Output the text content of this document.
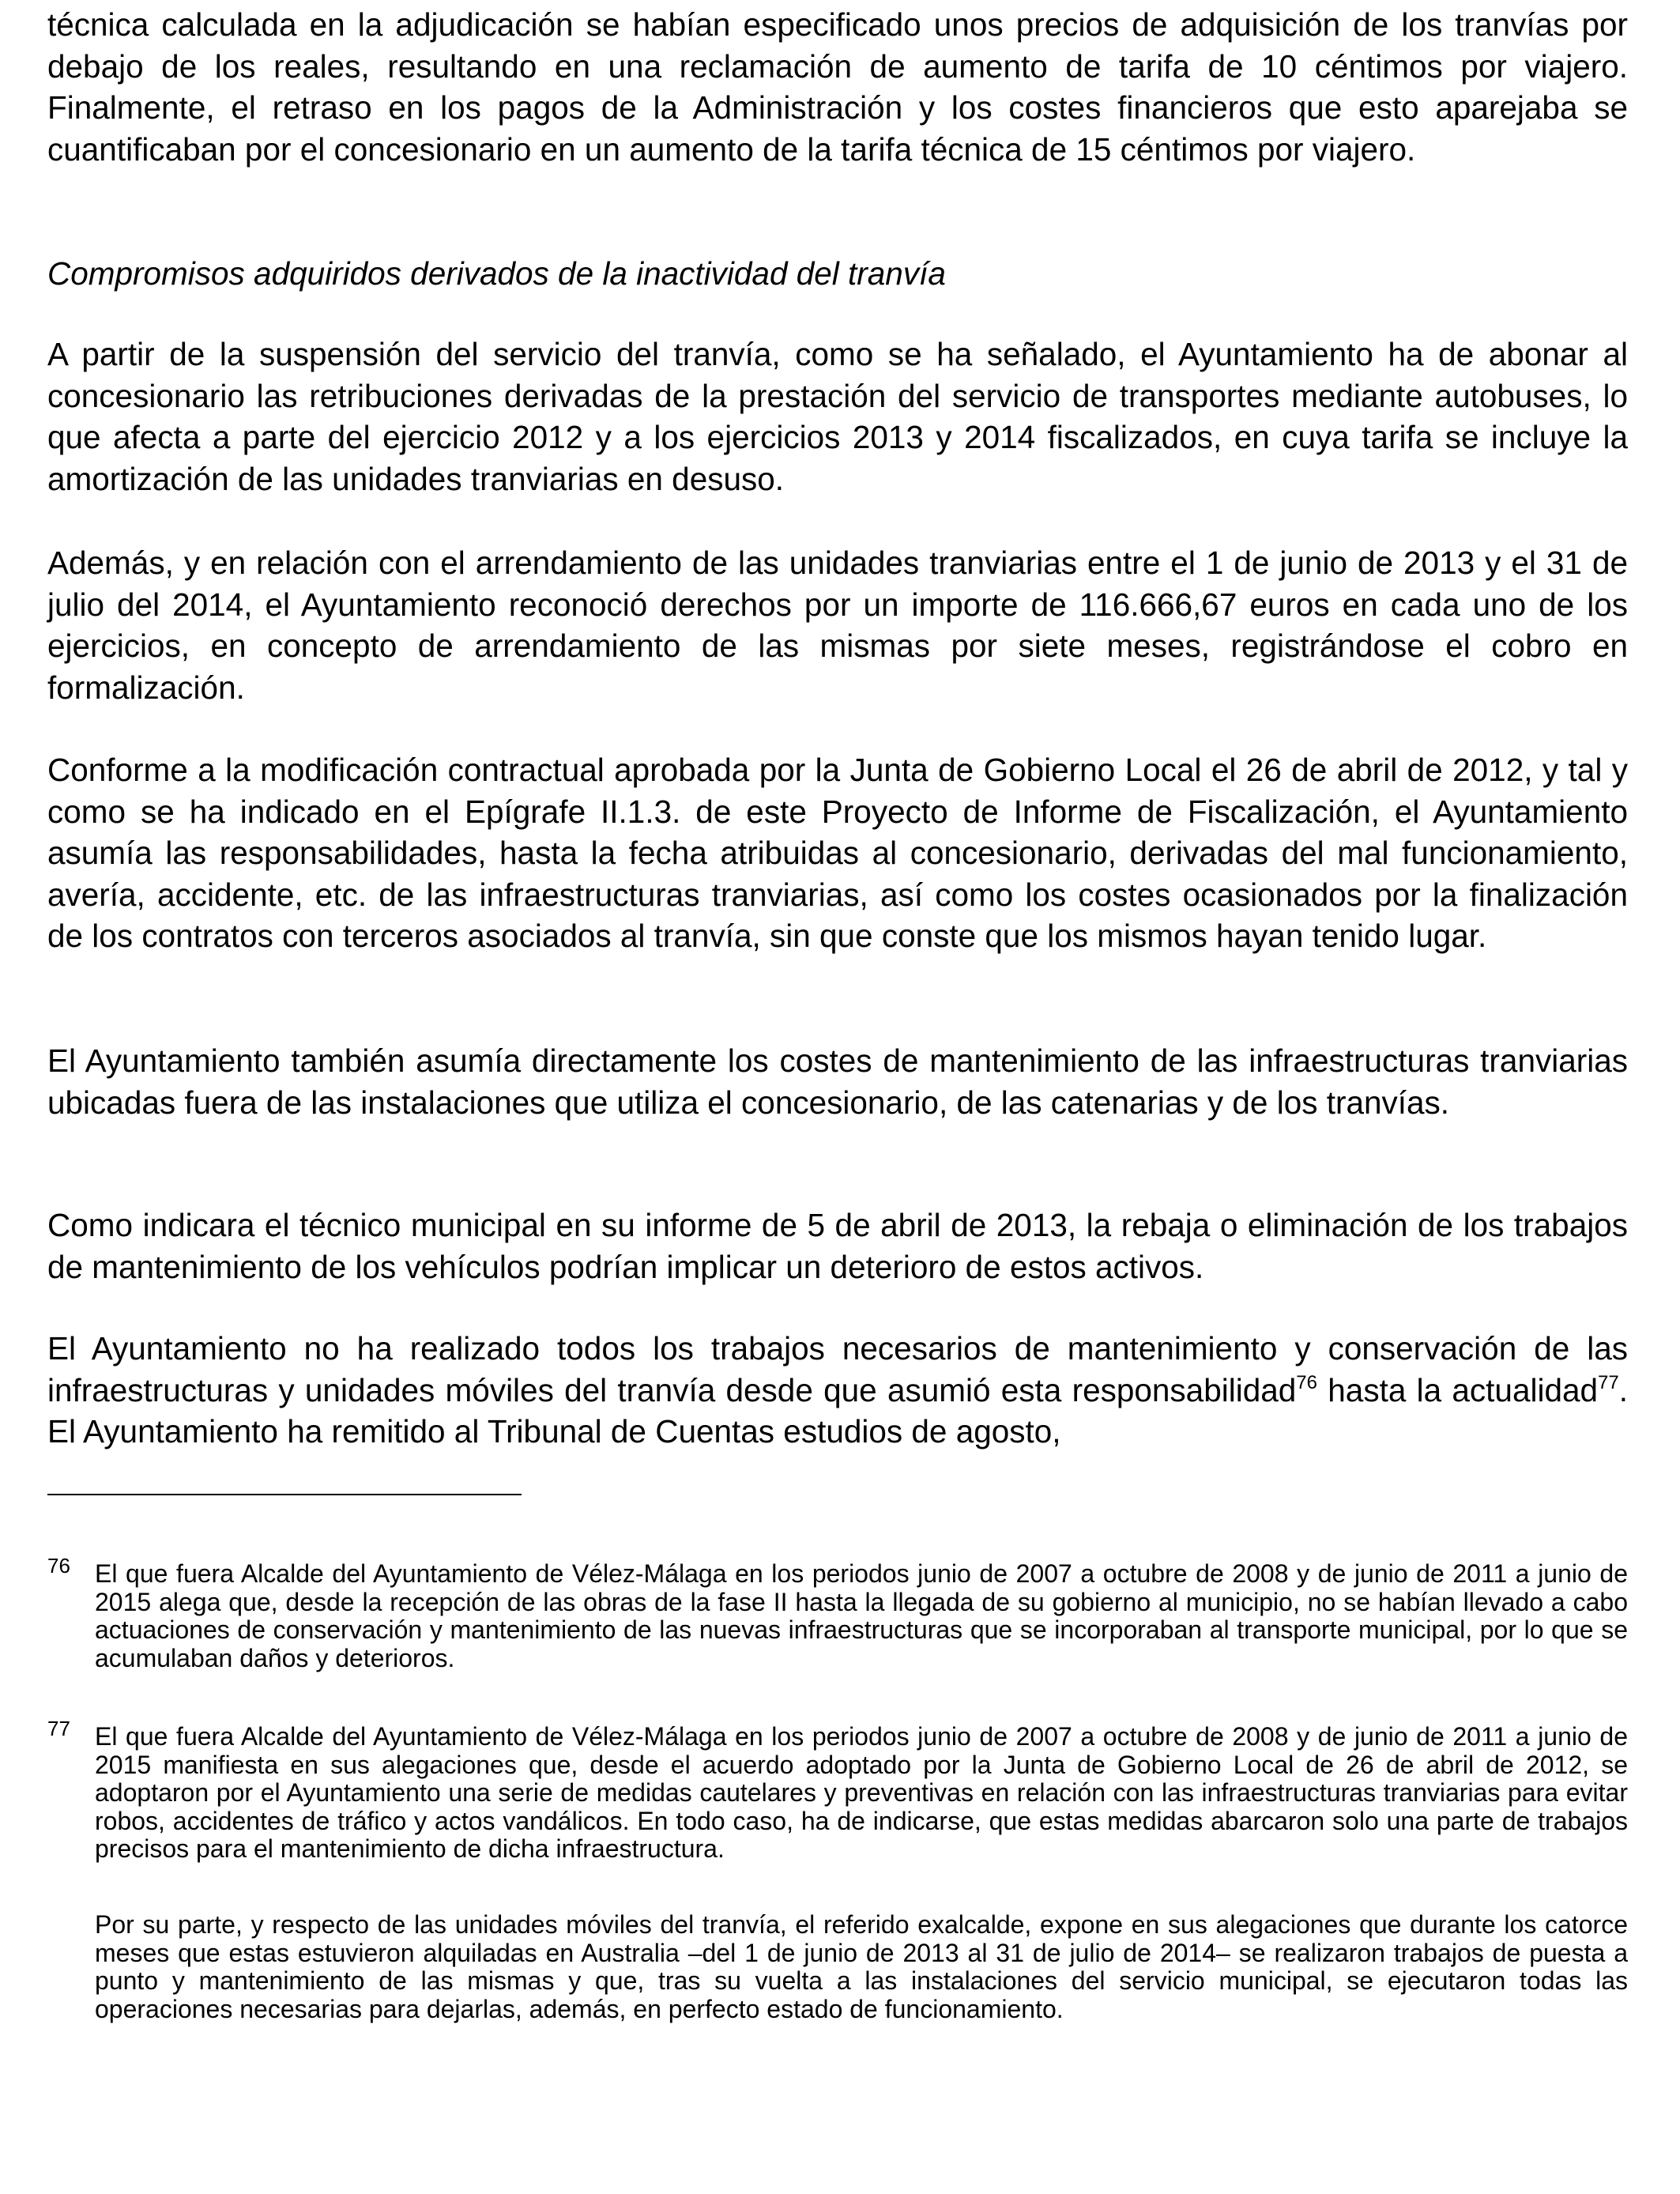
técnica calculada en la adjudicación se habían especificado unos precios de adquisición de los tranvías por debajo de los reales, resultando en una reclamación de aumento de tarifa de 10 céntimos por viajero. Finalmente, el retraso en los pagos de la Administración y los costes financieros que esto aparejaba se cuantificaban por el concesionario en un aumento de la tarifa técnica de 15 céntimos por viajero.

Compromisos adquiridos derivados de la inactividad del tranvía

A partir de la suspensión del servicio del tranvía, como se ha señalado, el Ayuntamiento ha de abonar al concesionario las retribuciones derivadas de la prestación del servicio de transportes mediante autobuses, lo que afecta a parte del ejercicio 2012 y a los ejercicios 2013 y 2014 fiscalizados, en cuya tarifa se incluye la amortización de las unidades tranviarias en desuso.

Además, y en relación con el arrendamiento de las unidades tranviarias entre el 1 de junio de 2013 y el 31 de julio del 2014, el Ayuntamiento reconoció derechos por un importe de 116.666,67 euros en cada uno de los ejercicios, en concepto de arrendamiento de las mismas por siete meses, registrándose el cobro en formalización.

Conforme a la modificación contractual aprobada por la Junta de Gobierno Local el 26 de abril de 2012, y tal y como se ha indicado en el Epígrafe II.1.3. de este Proyecto de Informe de Fiscalización, el Ayuntamiento asumía las responsabilidades, hasta la fecha atribuidas al concesionario, derivadas del mal funcionamiento, avería, accidente, etc. de las infraestructuras tranviarias, así como los costes ocasionados por la finalización de los contratos con terceros asociados al tranvía, sin que conste que los mismos hayan tenido lugar.

El Ayuntamiento también asumía directamente los costes de mantenimiento de las infraestructuras tranviarias ubicadas fuera de las instalaciones que utiliza el concesionario, de las catenarias y de los tranvías.

Como indicara el técnico municipal en su informe de 5 de abril de 2013, la rebaja o eliminación de los trabajos de mantenimiento de los vehículos podrían implicar un deterioro de estos activos.

El Ayuntamiento no ha realizado todos los trabajos necesarios de mantenimiento y conservación de las infraestructuras y unidades móviles del tranvía desde que asumió esta responsabilidad$^{76}$ hasta la actualidad$^{77}$. El Ayuntamiento ha remitido al Tribunal de Cuentas estudios de agosto,

76 El que fuera Alcalde del Ayuntamiento de Vélez-Málaga en los periodos junio de 2007 a octubre de 2008 y de junio de 2011 a junio de 2015 alega que, desde la recepción de las obras de la fase II hasta la llegada de su gobierno al municipio, no se habían llevado a cabo actuaciones de conservación y mantenimiento de las nuevas infraestructuras que se incorporaban al transporte municipal, por lo que se acumulaban daños y deterioros.

77 El que fuera Alcalde del Ayuntamiento de Vélez-Málaga en los periodos junio de 2007 a octubre de 2008 y de junio de 2011 a junio de 2015 manifiesta en sus alegaciones que, desde el acuerdo adoptado por la Junta de Gobierno Local de 26 de abril de 2012, se adoptaron por el Ayuntamiento una serie de medidas cautelares y preventivas en relación con las infraestructuras tranviarias para evitar robos, accidentes de tráfico y actos vandálicos. En todo caso, ha de indicarse, que estas medidas abarcaron solo una parte de trabajos precisos para el mantenimiento de dicha infraestructura.

Por su parte, y respecto de las unidades móviles del tranvía, el referido exalcalde, expone en sus alegaciones que durante los catorce meses que estas estuvieron alquiladas en Australia –del 1 de junio de 2013 al 31 de julio de 2014– se realizaron trabajos de puesta a punto y mantenimiento de las mismas y que, tras su vuelta a las instalaciones del servicio municipal, se ejecutaron todas las operaciones necesarias para dejarlas, además, en perfecto estado de funcionamiento.
